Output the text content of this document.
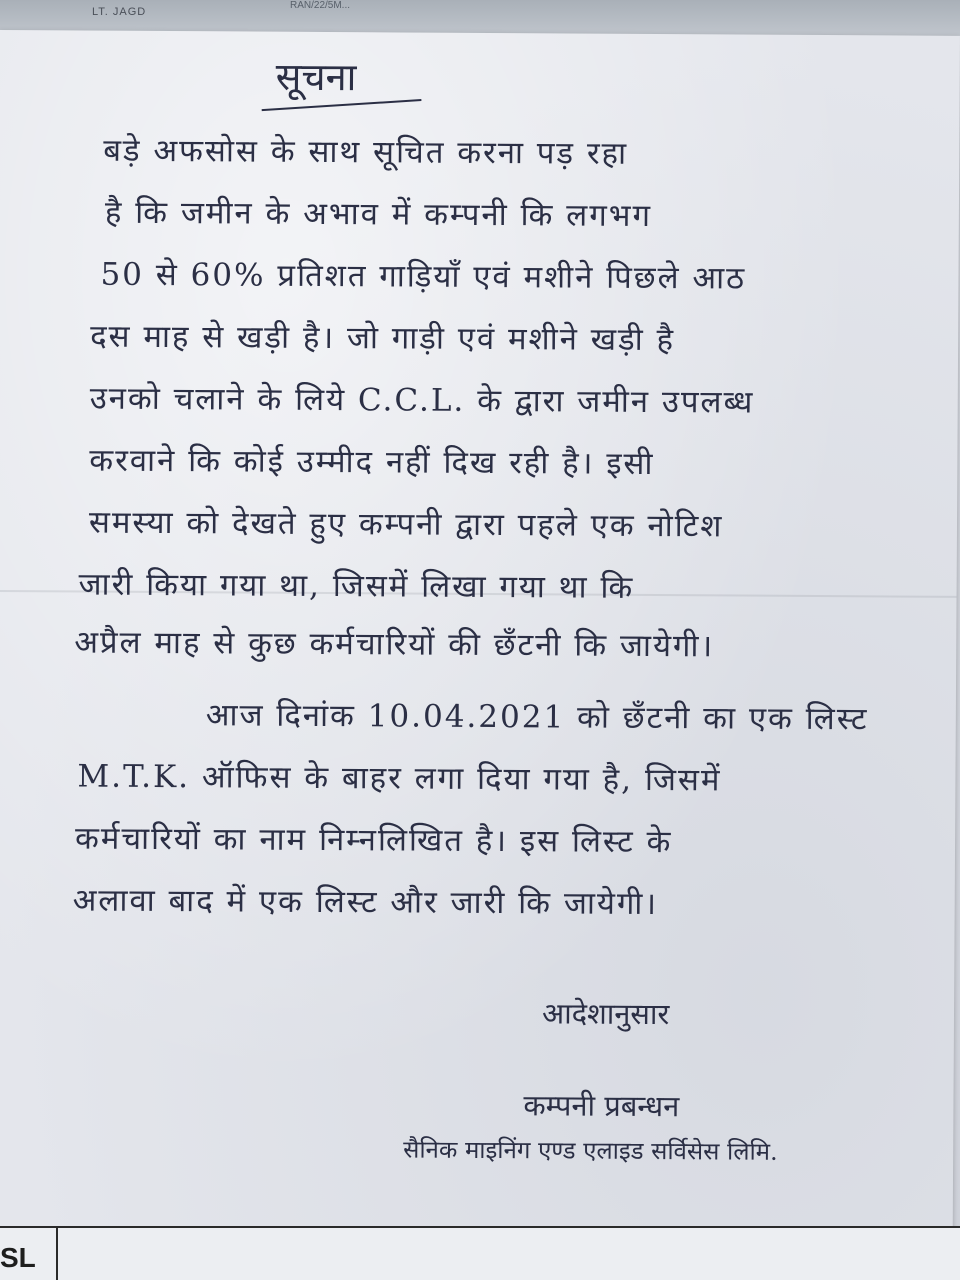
LT. JAGD
RAN/22/5M...
सूचना
बड़े अफसोस के साथ सूचित करना पड़ रहा
है कि जमीन के अभाव में कम्पनी कि लगभग
50 से 60% प्रतिशत गाड़ियाँ एवं मशीने पिछले आठ
दस माह से खड़ी है। जो गाड़ी एवं मशीने खड़ी है
उनको चलाने के लिये C.C.L. के द्वारा जमीन उपलब्ध
करवाने कि कोई उम्मीद नहीं दिख रही है। इसी
समस्या को देखते हुए कम्पनी द्वारा पहले एक नोटिश
जारी किया गया था, जिसमें लिखा गया था कि
अप्रैल माह से कुछ कर्मचारियों की छँटनी कि जायेगी।
आज दिनांक 10.04.2021 को छँटनी का एक लिस्ट
M.T.K. ऑफिस के बाहर लगा दिया गया है, जिसमें
कर्मचारियों का नाम निम्नलिखित है। इस लिस्ट के
अलावा बाद में एक लिस्ट और जारी कि जायेगी।
आदेशानुसार
कम्पनी प्रबन्धन
सैनिक माइनिंग एण्ड एलाइड सर्विसेस लिमि.
SL
